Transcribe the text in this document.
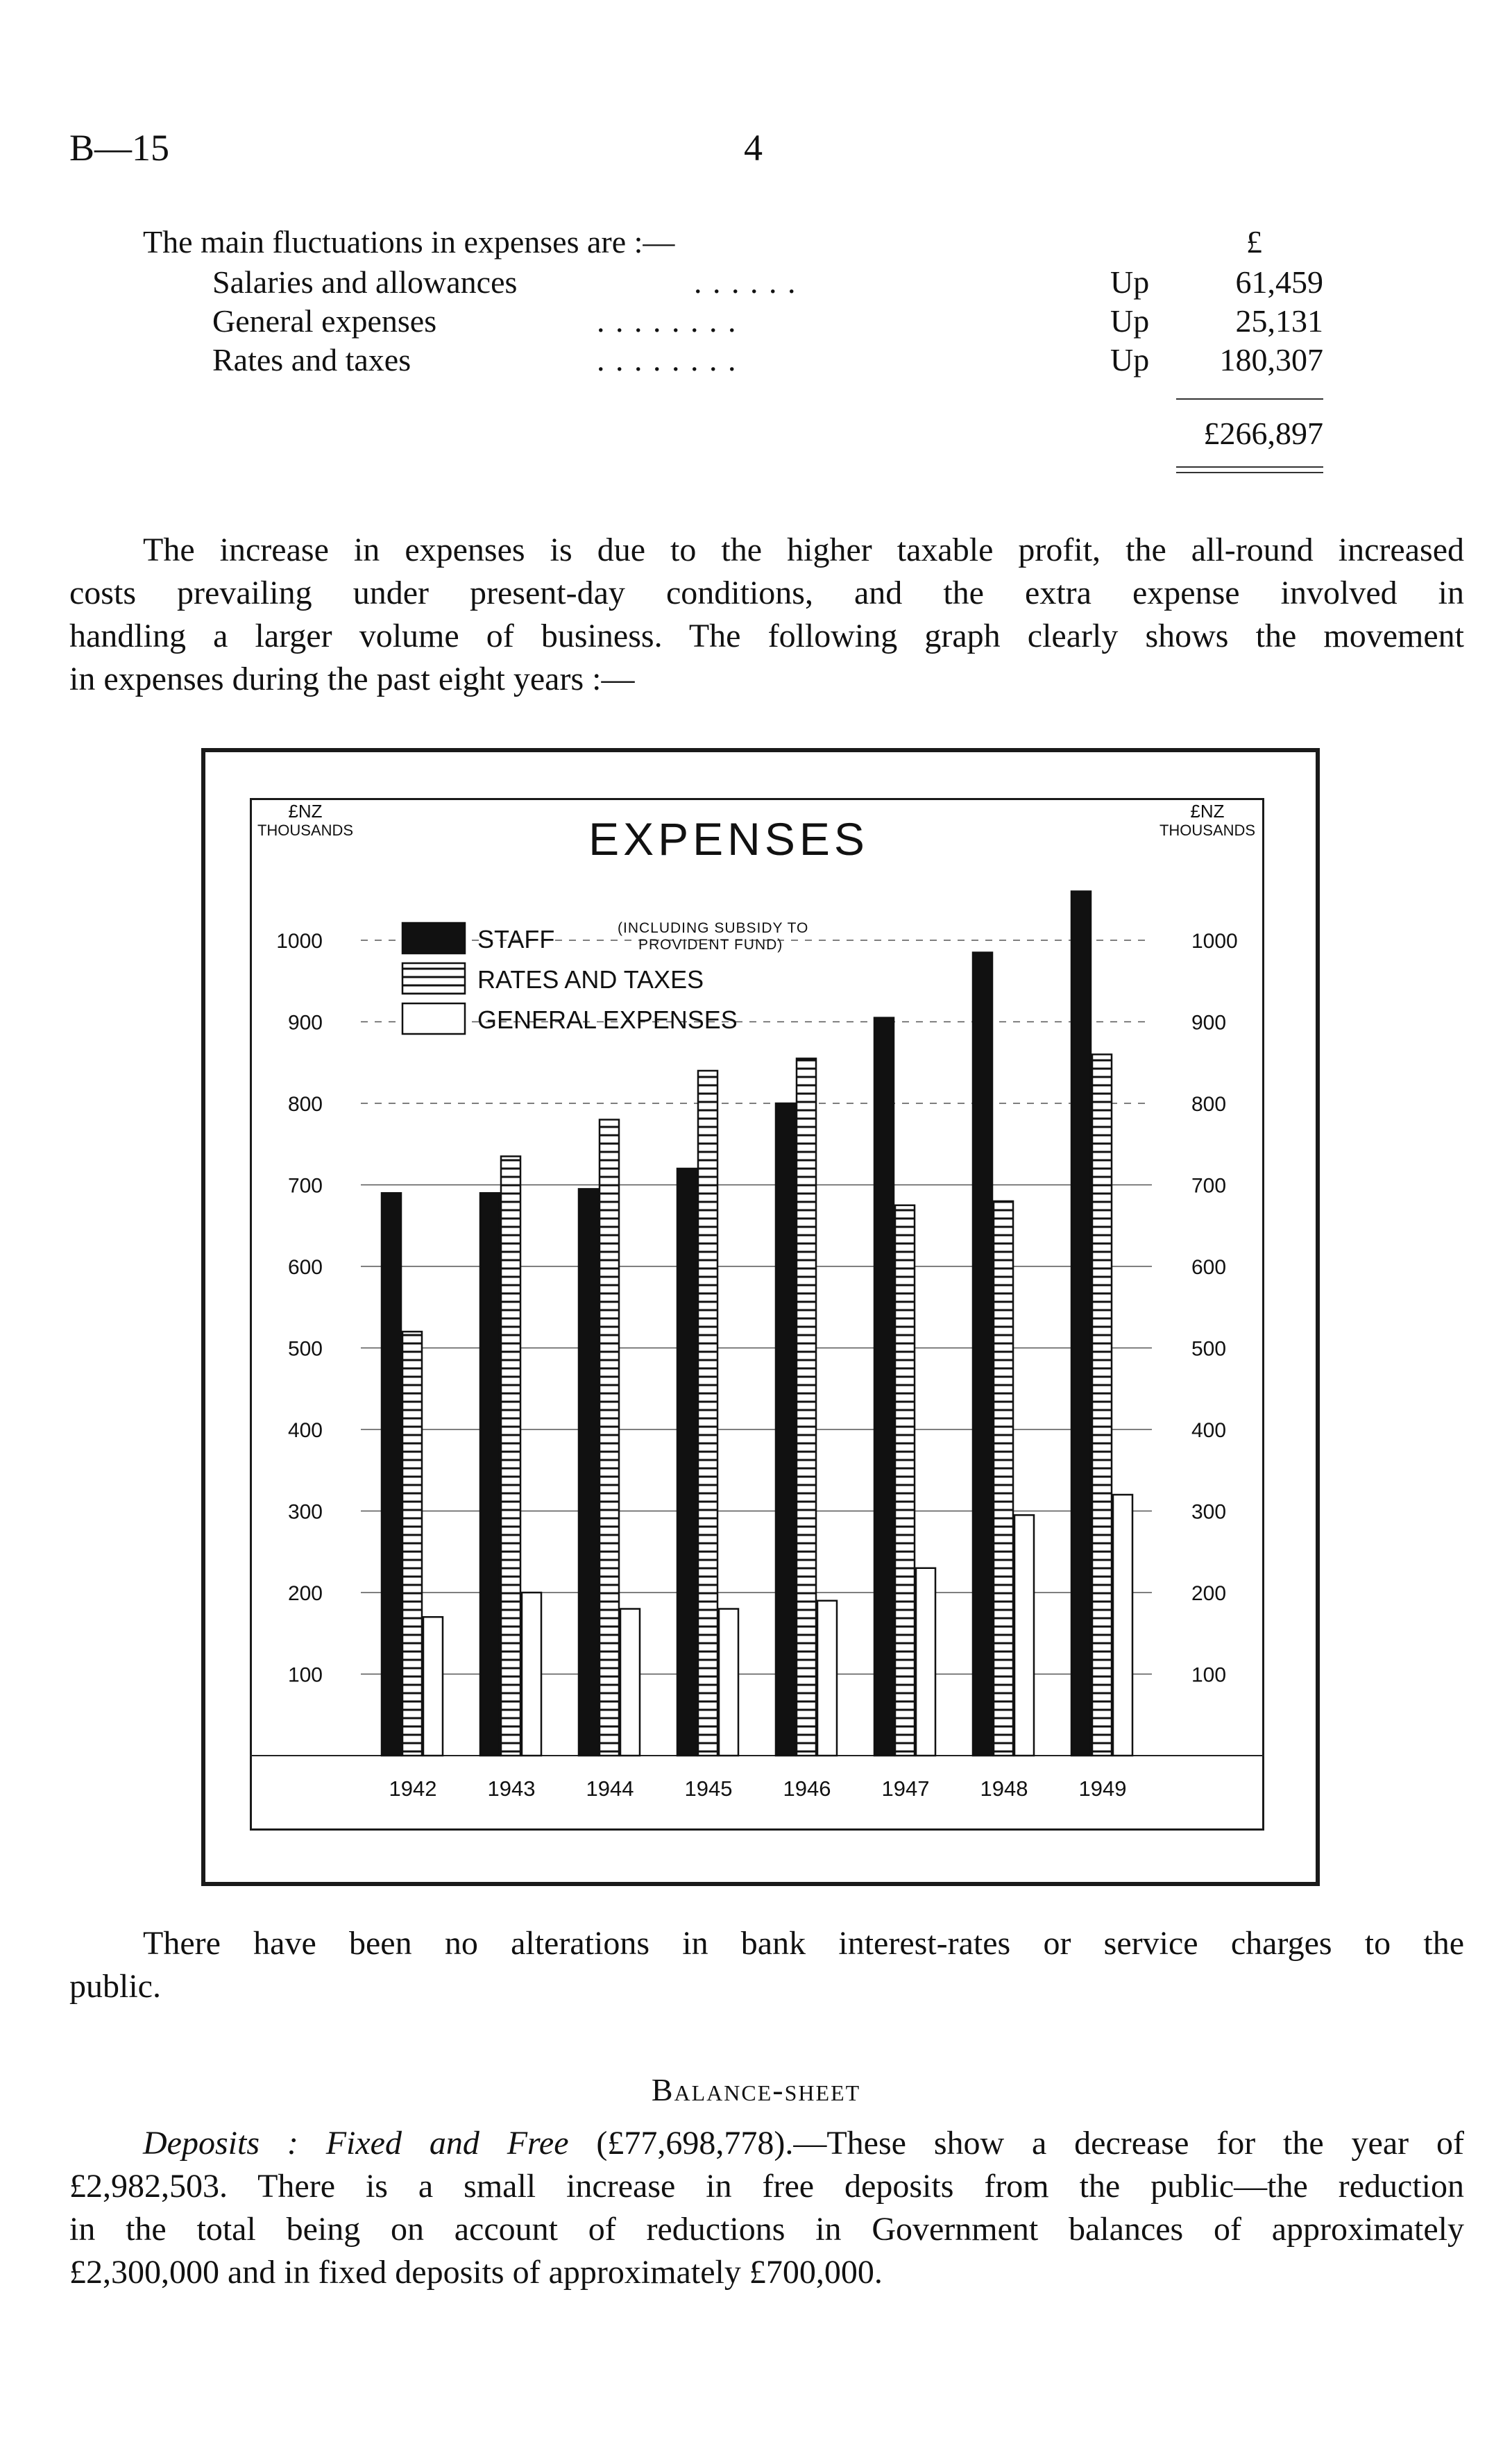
B—15	4
The main fluctuations in expenses are :—	£
Salaries and allowances	. . . . . .	Up	61,459
General expenses	. . . . . . . .	Up	25,131
Rates and taxes	. . . . . . . .	Up 180,307
£266,897
The increase in expenses is due to the higher taxable profit, the all-round increased
costs prevailing under present-day conditions, and the extra expense involved in
handling a larger volume of business. The following graph clearly shows the movement
in expenses during the past eight years :—
STAFF	(INCLUDING SUBSIDY TO
PROVIDENT FUND)
RATES AND TAXES
GENERAL EXPENSES
100	100
200	200
300	300
400	400
500	500
600	600
700	700
800	800
900	900
1000	1000
£NZ
THOUSANDS
£NZ
THOUSANDS
EXPENSES
1942 1943 1944 1945 1946 1947 1948 1949
There have been no alterations in bank interest-rates or service charges to the
public.
Balance-sheet
Deposits : Fixed and Free (£77,698,778).—These show a decrease for the year of
£2,982,503. There is a small increase in free deposits from the public—the reduction
in the total being on account of reductions in Government balances of approximately
£2,300,000 and in fixed deposits of approximately £700,000.
